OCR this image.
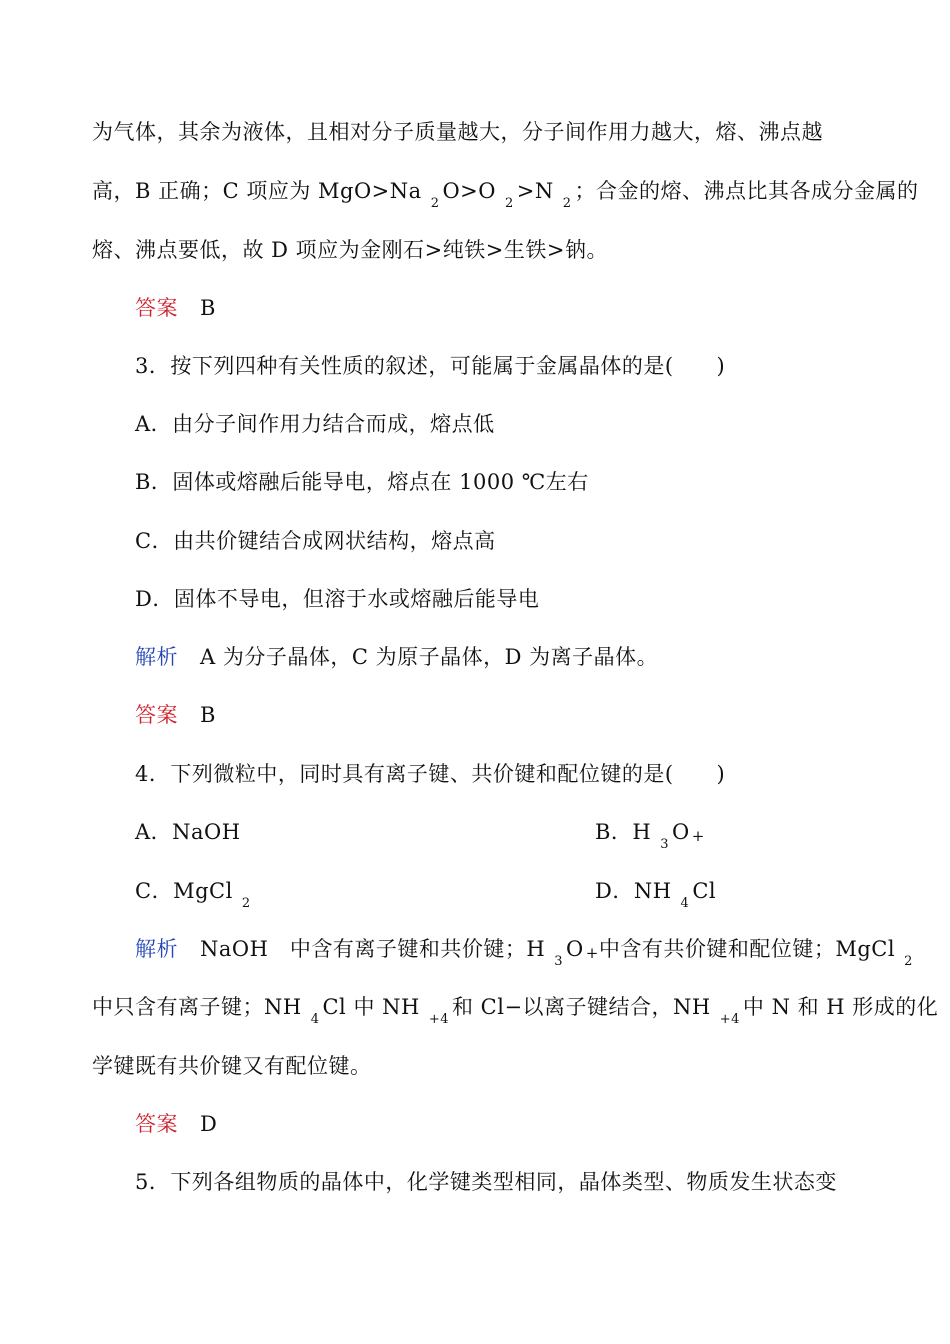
为气体，其余为液体，且相对分子质量越大，分子间作用力越大，熔、沸点越
高，B 正确；C 项应为 $MgO>Na_2O>O_2>N_2$；合金的熔、沸点比其各成分金属的
熔、沸点要低，故 D 项应为金刚石>纯铁>生铁>钠。
答案 B
3．按下列四种有关性质的叙述，可能属于金属晶体的是(　　)
A．由分子间作用力结合而成，熔点低
B．固体或熔融后能导电，熔点在 1000 ℃左右
C．由共价键结合成网状结构，熔点高
D．固体不导电，但溶于水或熔融后能导电
解析 A 为分子晶体，C 为原子晶体，D 为离子晶体。
答案 B
4．下列微粒中，同时具有离子键、共价键和配位键的是(　　)
A．NaOH	B．$H_3O$ +
C．MgCl$_2$
D．$NH_4Cl$
解析 NaOH　中含有离子键和共价键；$H_3O$ +中含有共价键和配位键；MgCl$_2$
中只含有离子键；$NH_4Cl$ 中 $NH_{+4}$和 Cl−以离子键结合，$NH_{+4}$中 N 和 H 形成的化
学键既有共价键又有配位键。
答案 D
5．下列各组物质的晶体中，化学键类型相同，晶体类型、物质发生状态变
